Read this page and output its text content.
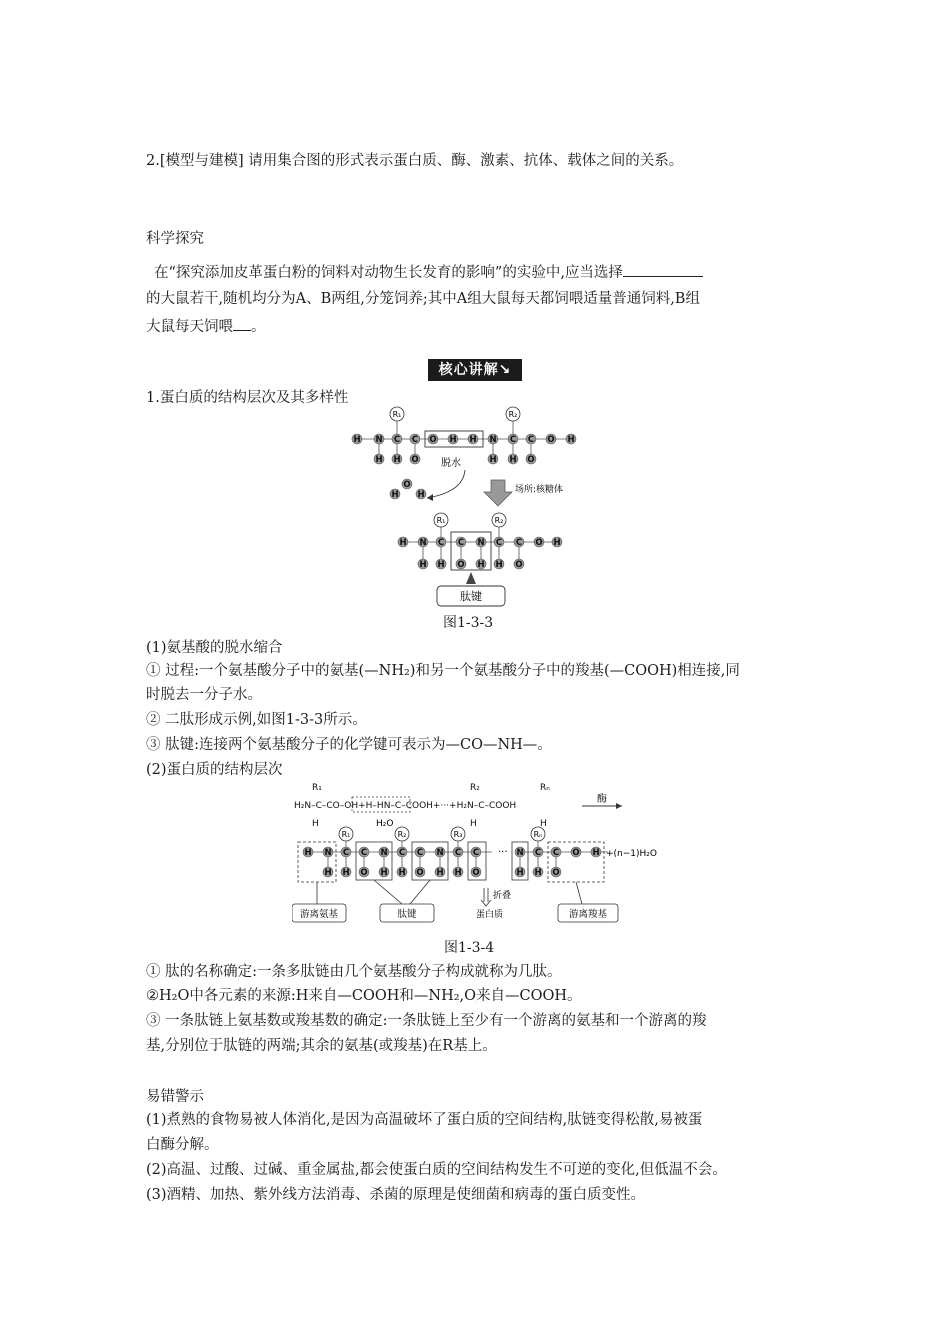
2.[模型与建模] 请用集合图的形式表示蛋白质、酶、激素、抗体、载体之间的关系。
科学探究
在“探究添加皮革蛋白粉的饲料对动物生长发育的影响”的实验中,应当选择
的大鼠若干,随机均分为A、B两组,分笼饲养;其中A组大鼠每天都饲喂适量普通饲料,B组
大鼠每天饲喂 。
核心讲解↘
1.蛋白质的结构层次及其多样性
H N C C O H H N C C O H
H H O	H H O
R₁	R₂
脱水
H
O
H	场所:核糖体
H N C C N C C O H
H H O H H O
R₁	R₂
肽键
图1-3-3
(1)氨基酸的脱水缩合
① 过程:一个氨基酸分子中的氨基(—NH₂)和另一个氨基酸分子中的羧基(—COOH)相连接,同
时脱去一分子水。
② 二肽形成示例,如图1-3-3所示。
③ 肽键:连接两个氨基酸分子的化学键可表示为—CO—NH—。
(2)蛋白质的结构层次
R₁	R₂	Rₙ
H₂N–C–CO–OH+H–HN–C–COOH+···+H₂N–C–COOH
H	H	H
H₂O
酶
H N C C N C C N C C	N C C O H
H H O H H O H H O	H H O
R₁	R₂	R₃	Rₙ
···	+(n−1)H₂O
折叠
蛋白质
游离氨基	肽键	游离羧基
图1-3-4
① 肽的名称确定:一条多肽链由几个氨基酸分子构成就称为几肽。
②H₂O中各元素的来源:H来自—COOH和—NH₂,O来自—COOH。
③ 一条肽链上氨基数或羧基数的确定:一条肽链上至少有一个游离的氨基和一个游离的羧
基,分别位于肽链的两端;其余的氨基(或羧基)在R基上。
易错警示
(1)煮熟的食物易被人体消化,是因为高温破坏了蛋白质的空间结构,肽链变得松散,易被蛋
白酶分解。
(2)高温、过酸、过碱、重金属盐,都会使蛋白质的空间结构发生不可逆的变化,但低温不会。
(3)酒精、加热、紫外线方法消毒、杀菌的原理是使细菌和病毒的蛋白质变性。
